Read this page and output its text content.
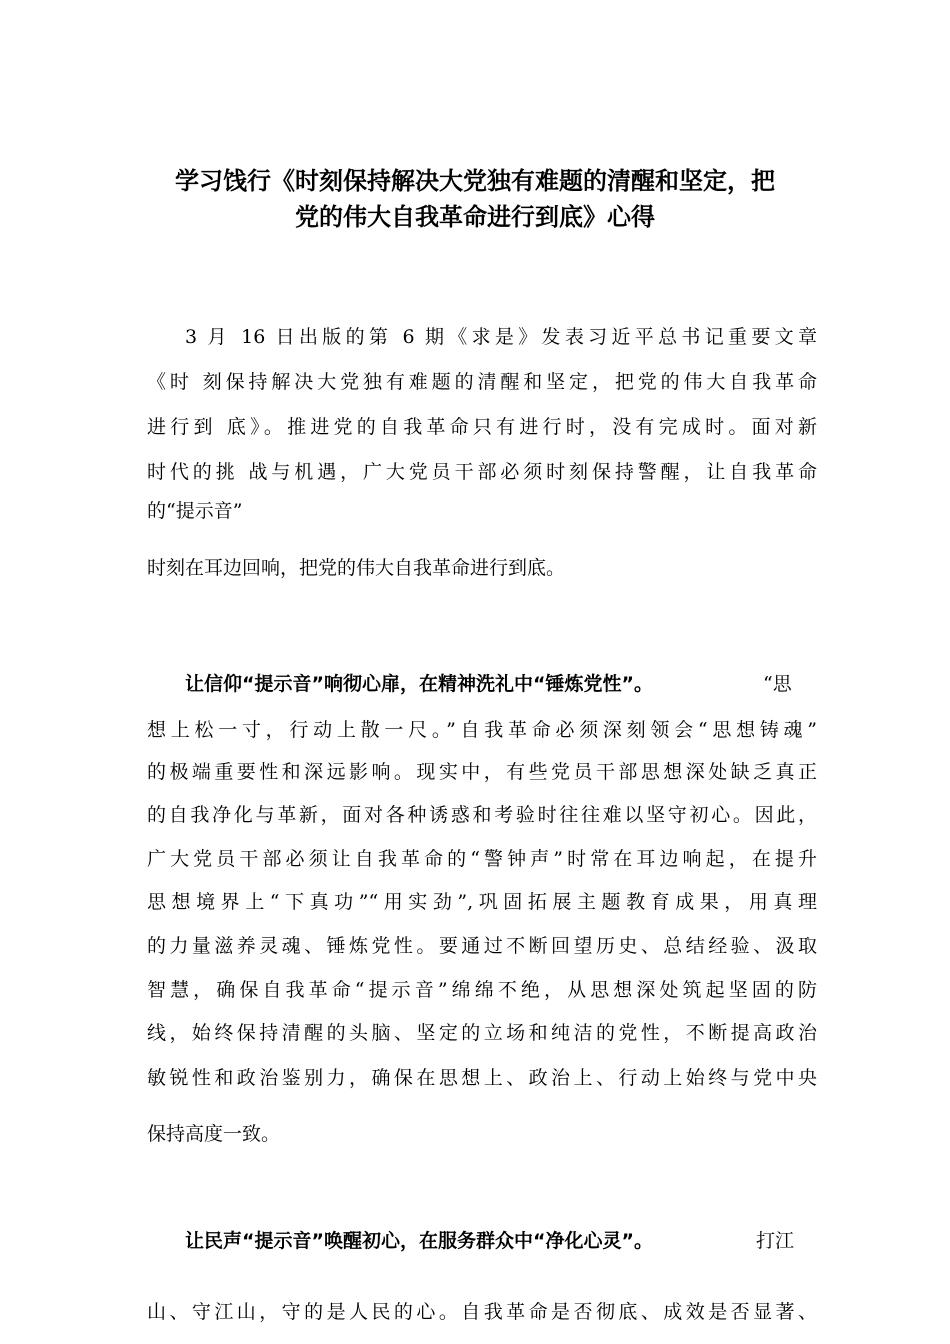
学习饯行《时刻保持解决大党独有难题的清醒和坚定，把
党的伟大自我革命进行到底》心得
3 月 16 日出版的第 6 期《求是》发表习近平总书记重要文章
《时 刻保持解决大党独有难题的清醒和坚定，把党的伟大自我革命
进行到 底》。推进党的自我革命只有进行时，没有完成时。面对新
时代的挑 战与机遇，广大党员干部必须时刻保持警醒，让自我革命
的“提示音”
时刻在耳边回响，把党的伟大自我革命进行到底。
让信仰“提示音”响彻心扉，在精神洗礼中“锤炼党性”。	“思
想上松一寸，行动上散一尺。”自我革命必须深刻领会“思想铸魂”
的极端重要性和深远影响。现实中，有些党员干部思想深处缺乏真正
的自我净化与革新，面对各种诱惑和考验时往往难以坚守初心。因此，
广大党员干部必须让自我革命的“警钟声”时常在耳边响起，在提升
思想境界上“下真功”“用实劲”,巩固拓展主题教育成果，用真理
的力量滋养灵魂、锤炼党性。要通过不断回望历史、总结经验、汲取
智慧，确保自我革命“提示音”绵绵不绝，从思想深处筑起坚固的防
线，始终保持清醒的头脑、坚定的立场和纯洁的党性，不断提高政治
敏锐性和政治鉴别力，确保在思想上、政治上、行动上始终与党中央
保持高度一致。
让民声“提示音”唤醒初心，在服务群众中“净化心灵”。	打江
山、守江山，守的是人民的心。自我革命是否彻底、成效是否显著、
